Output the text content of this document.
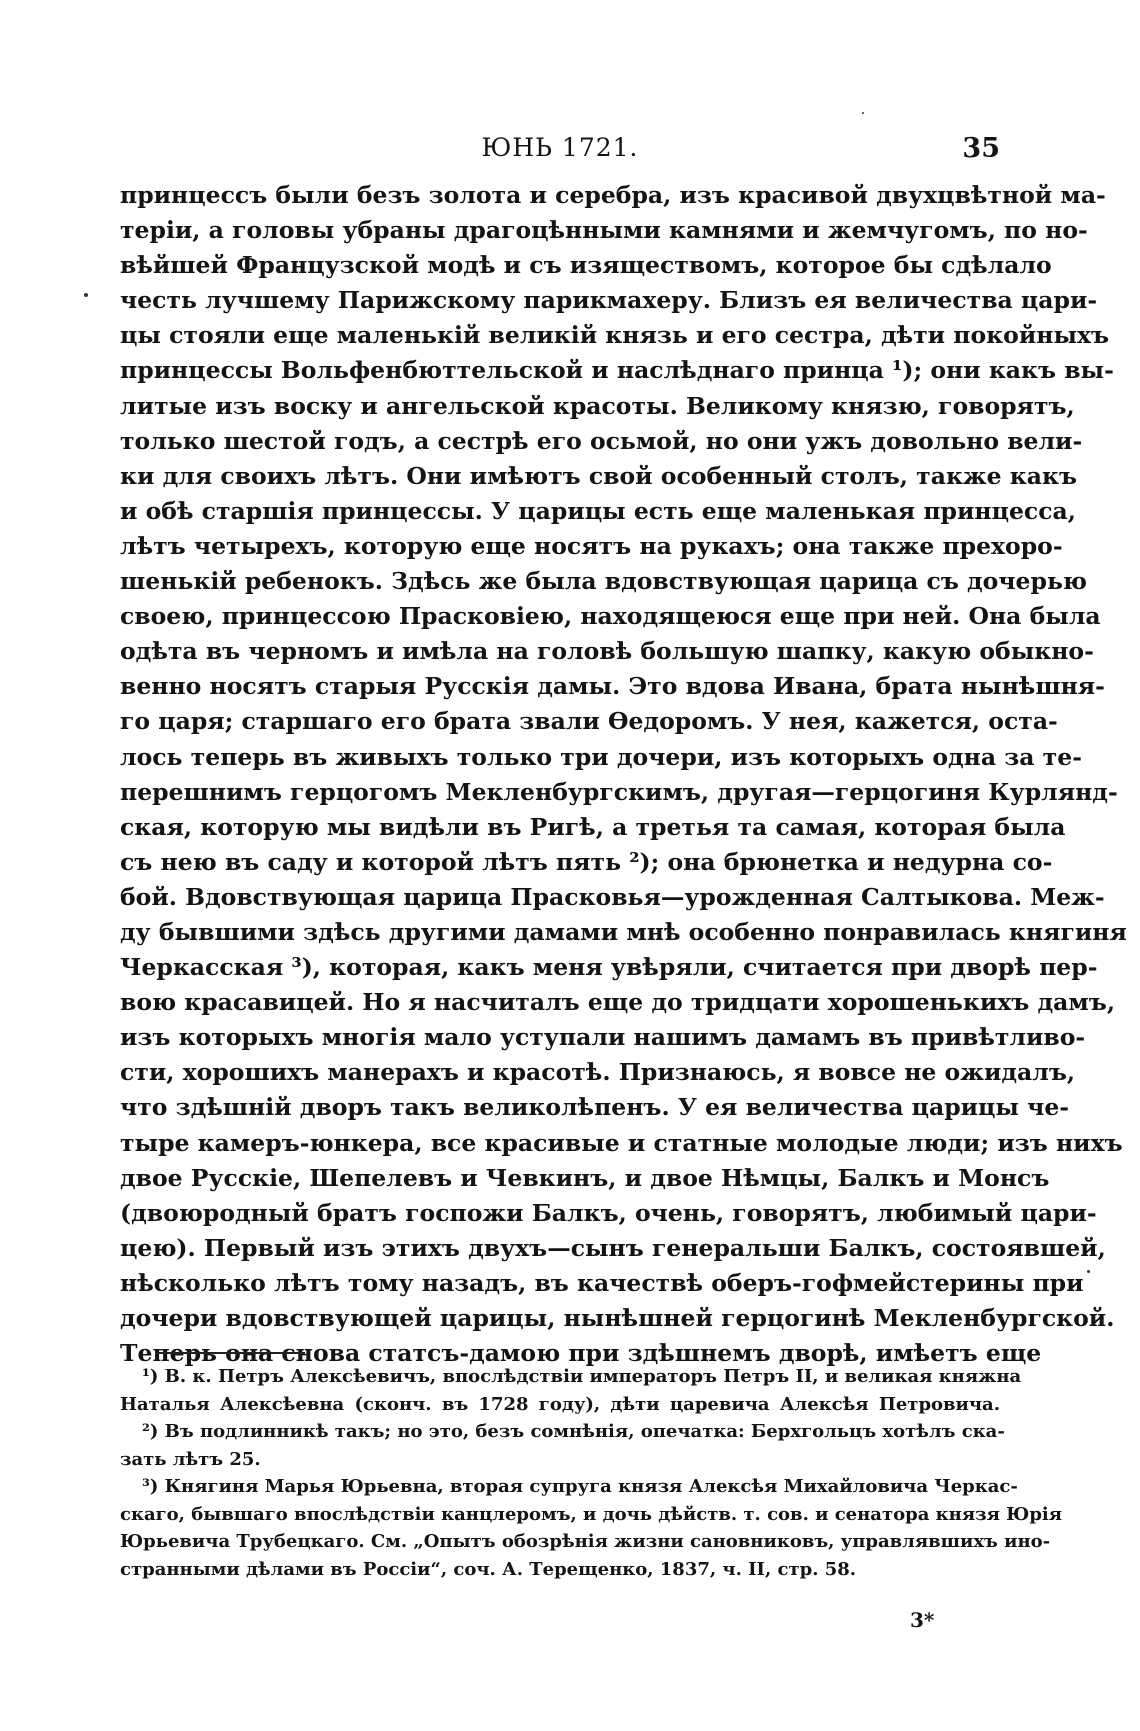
ЮНЬ 1721.	35
принцессъ были безъ золота и серебра, изъ красивой двухцвѣтной ма-
теріи, а головы убраны драгоцѣнными камнями и жемчугомъ, по но-
вѣйшей Французской модѣ и съ изяществомъ, которое бы сдѣлало
честь лучшему Парижскому парикмахеру. Близъ ея величества цари-
цы стояли еще маленькій великій князь и его сестра, дѣти покойныхъ
принцессы Вольфенбюттельской и наслѣднаго принца ¹); они какъ вы-
литые изъ воску и ангельской красоты. Великому князю, говорятъ,
только шестой годъ, а сестрѣ его осьмой, но они ужъ довольно вели-
ки для своихъ лѣтъ. Они имѣютъ свой особенный столъ, также какъ
и обѣ старшія принцессы. У царицы есть еще маленькая принцесса,
лѣтъ четырехъ, которую еще носятъ на рукахъ; она также прехоро-
шенькій ребенокъ. Здѣсь же была вдовствующая царица съ дочерью
своею, принцессою Прасковіею, находящеюся еще при ней. Она была
одѣта въ черномъ и имѣла на головѣ большую шапку, какую обыкно-
венно носятъ старыя Русскія дамы. Это вдова Ивана, брата нынѣшня-
го царя; старшаго его брата звали Ѳедоромъ. У нея, кажется, оста-
лось теперь въ живыхъ только три дочери, изъ которыхъ одна за те-
перешнимъ герцогомъ Мекленбургскимъ, другая—герцогиня Курлянд-
ская, которую мы видѣли въ Ригѣ, а третья та самая, которая была
съ нею въ саду и которой лѣтъ пять ²); она брюнетка и недурна со-
бой. Вдовствующая царица Прасковья—урожденная Салтыкова. Меж-
ду бывшими здѣсь другими дамами мнѣ особенно понравилась княгиня
Черкасская ³), которая, какъ меня увѣряли, считается при дворѣ пер-
вою красавицей. Но я насчиталъ еще до тридцати хорошенькихъ дамъ,
изъ которыхъ многія мало уступали нашимъ дамамъ въ привѣтливо-
сти, хорошихъ манерахъ и красотѣ. Признаюсь, я вовсе не ожидалъ,
что здѣшній дворъ такъ великолѣпенъ. У ея величества царицы че-
тыре камеръ-юнкера, все красивые и статные молодые люди; изъ нихъ
двое Русскіе, Шепелевъ и Чевкинъ, и двое Нѣмцы, Балкъ и Монсъ
(двоюродный братъ госпожи Балкъ, очень, говорятъ, любимый цари-
цею). Первый изъ этихъ двухъ—сынъ генеральши Балкъ, состоявшей,
нѣсколько лѣтъ тому назадъ, въ качествѣ оберъ-гофмейстерины при
дочери вдовствующей царицы, нынѣшней герцогинѣ Мекленбургской.
Теперь она снова статсъ-дамою при здѣшнемъ дворѣ, имѣетъ еще
¹) В. к. Петръ Алексѣевичъ, впослѣдствіи императоръ Петръ II, и великая княжна
Наталья Алексѣевна (сконч. въ 1728 году), дѣти царевича Алексѣя Петровича.
²) Въ подлинникѣ такъ; но это, безъ сомнѣнія, опечатка: Берхгольцъ хотѣлъ ска-
зать лѣтъ 25.
³) Княгиня Марья Юрьевна, вторая супруга князя Алексѣя Михайловича Черкас-
скаго, бывшаго впослѣдствіи канцлеромъ, и дочь дѣйств. т. сов. и сенатора князя Юрія
Юрьевича Трубецкаго. См. „Опытъ обозрѣнія жизни сановниковъ, управлявшихъ ино-
странными дѣлами въ Россіи“, соч. А. Терещенко, 1837, ч. II, стр. 58.
3*
